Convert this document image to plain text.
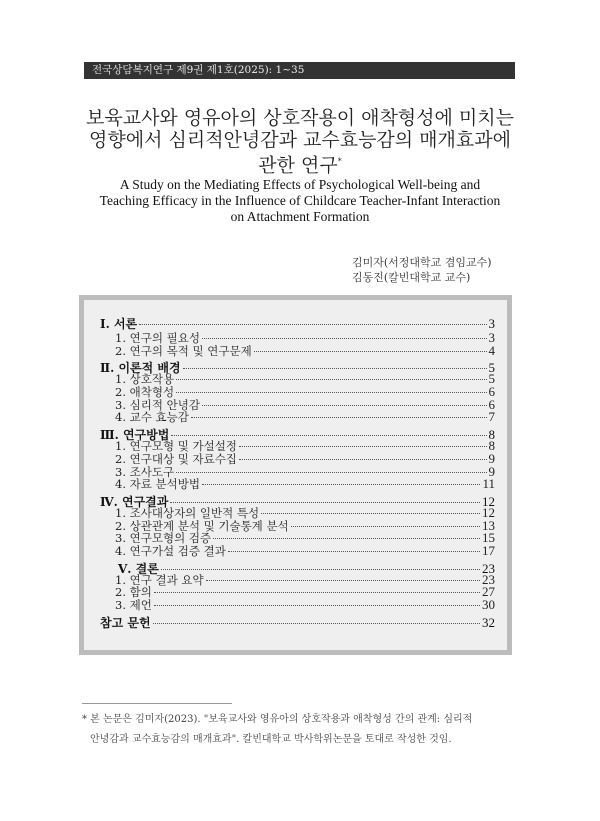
전국상담복지연구 제9권 제1호(2025): 1~35
보육교사와 영유아의 상호작용이 애착형성에 미치는
영향에서 심리적안녕감과 교수효능감의 매개효과에
관한 연구*
A Study on the Mediating Effects of Psychological Well-being and
Teaching Efficacy in the Influence of Childcare Teacher-Infant Interaction
on Attachment Formation
김미자(서정대학교 겸임교수)
김동진(칼빈대학교 교수)
Ⅰ. 서론	3
1. 연구의 필요성	3
2. 연구의 목적 및 연구문제	4
Ⅱ. 이론적 배경	5
1. 상호작용	5
2. 애착형성	6
3. 심리적 안녕감	6
4. 교수 효능감	7
Ⅲ. 연구방법	8
1. 연구모형 및 가설설정	8
2. 연구대상 및 자료수집	9
3. 조사도구	9
4. 자료 분석방법	11
Ⅳ. 연구결과	12
1. 조사대상자의 일반적 특성	12
2. 상관관계 분석 및 기술통계 분석	13
3. 연구모형의 검증	15
4. 연구가설 검증 결과	17
Ⅴ. 결론	23
1. 연구 결과 요약	23
2. 함의	27
3. 제언	30
참고 문헌	32
* 본 논문은 김미자(2023). "보육교사와 영유아의 상호작용과 애착형성 간의 관계: 심리적
안녕감과 교수효능감의 매개효과". 칼빈대학교 박사학위논문을 토대로 작성한 것임.
